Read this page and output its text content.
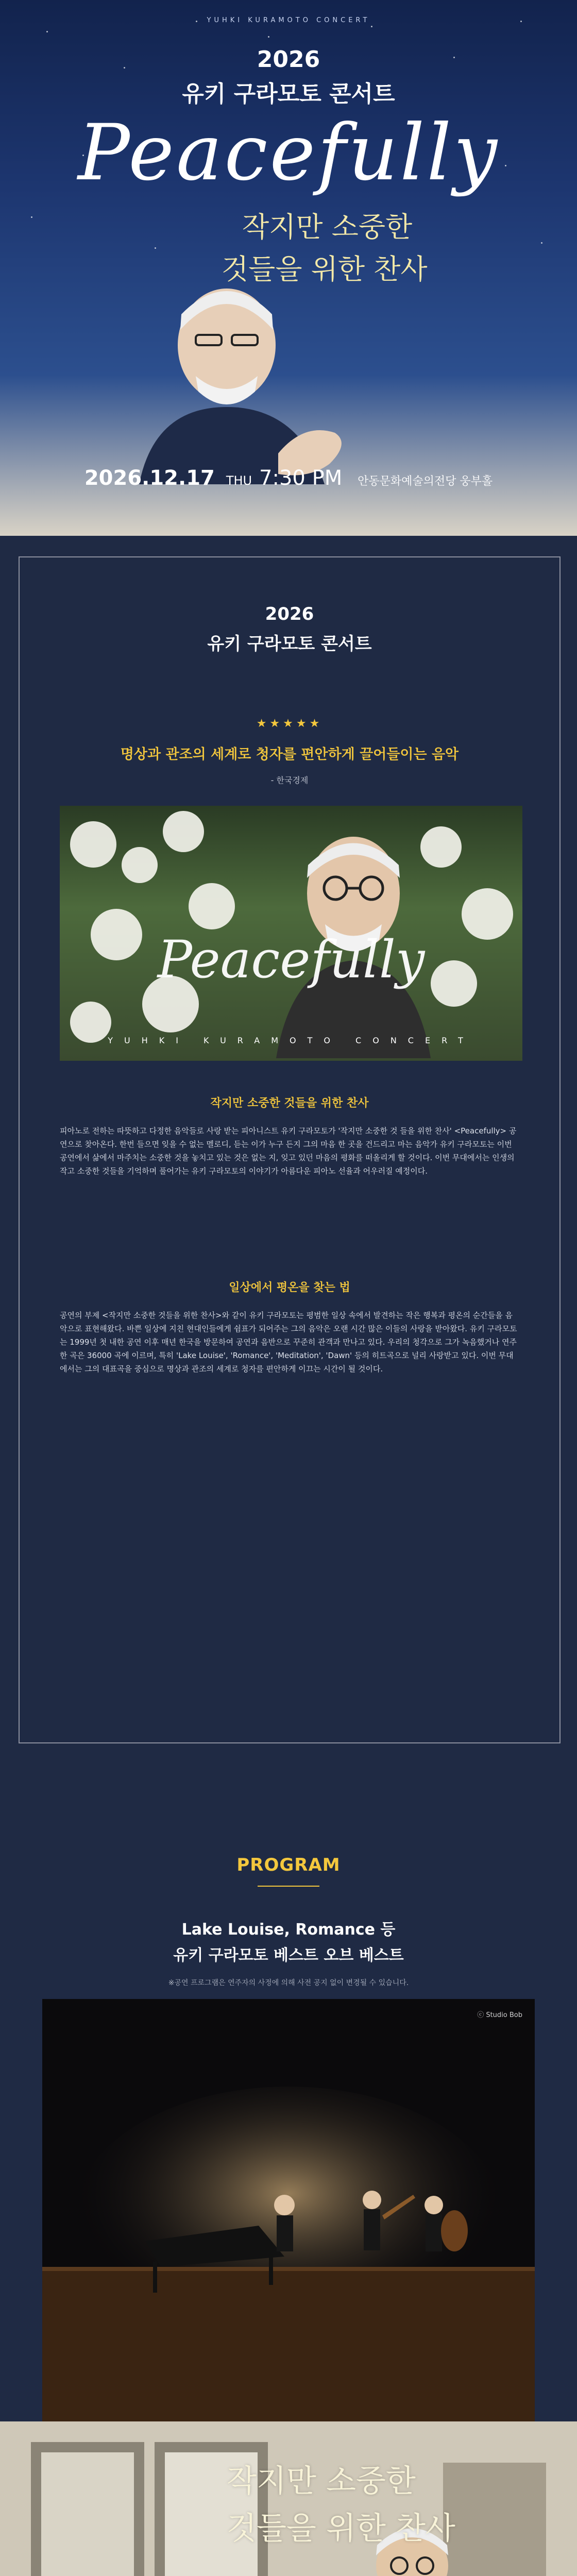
YUHKI KURAMOTO CONCERT
2026
유키 구라모토 콘서트
Peacefully
작지만 소중한
것들을 위한 찬사
2026.12.17 THU 7:30 PM 안동문화예술의전당 웅부홀
2026
유키 구라모토 콘서트
★★★★★
명상과 관조의 세계로 청자를 편안하게 끌어들이는 음악
- 한국경제
Peacefully
YUHKI KURAMOTO CONCERT
작지만 소중한 것들을 위한 찬사
피아노로 전하는 따뜻하고 다정한 음악들로 사랑 받는 피아니스트 유키 구라모토가 '작지만 소중한 것 들을 위한 찬사' <Peacefully> 공연으로 찾아온다. 한번 들으면 잊을 수 없는 멜로디, 듣는 이가 누구 든지 그의 마음 한 곳을 건드리고 마는 음악가 유키 구라모토는 이번 공연에서 삶에서 마주치는 소중한 것을 놓치고 있는 것은 없는 지, 잊고 있던 마음의 평화를 떠올리게 할 것이다. 이번 무대에서는 인생의 작고 소중한 것들을 기억하며 풀어가는 유키 구라모토의 이야기가 아름다운 피아노 선율과 어우러질 예정이다.
일상에서 평온을 찾는 법
공연의 부제 <작지만 소중한 것들을 위한 찬사>와 같이 유키 구라모토는 평범한 일상 속에서 발견하는 작은 행복과 평온의 순간들을 음악으로 표현해왔다. 바쁜 일상에 지친 현대인들에게 쉼표가 되어주는 그의 음악은 오랜 시간 많은 이들의 사랑을 받아왔다. 유키 구라모토는 1999년 첫 내한 공연 이후 매년 한국을 방문하여 공연과 음반으로 꾸준히 관객과 만나고 있다. 우리의 청각으로 그가 녹음했거나 연주한 곡은 36000 곡에 이르며, 특히 'Lake Louise', 'Romance', 'Meditation', 'Dawn' 등의 히트곡으로 널리 사랑받고 있다. 이번 무대에서는 그의 대표곡을 중심으로 명상과 관조의 세계로 청자를 편안하게 이끄는 시간이 될 것이다.
PROGRAM
Lake Louise, Romance 등
유키 구라모토 베스트 오브 베스트
※공연 프로그램은 연주자의 사정에 의해 사전 공지 없이 변경될 수 있습니다.
ⓒ Studio Bob
작지만 소중한
것들을 위한 찬사
